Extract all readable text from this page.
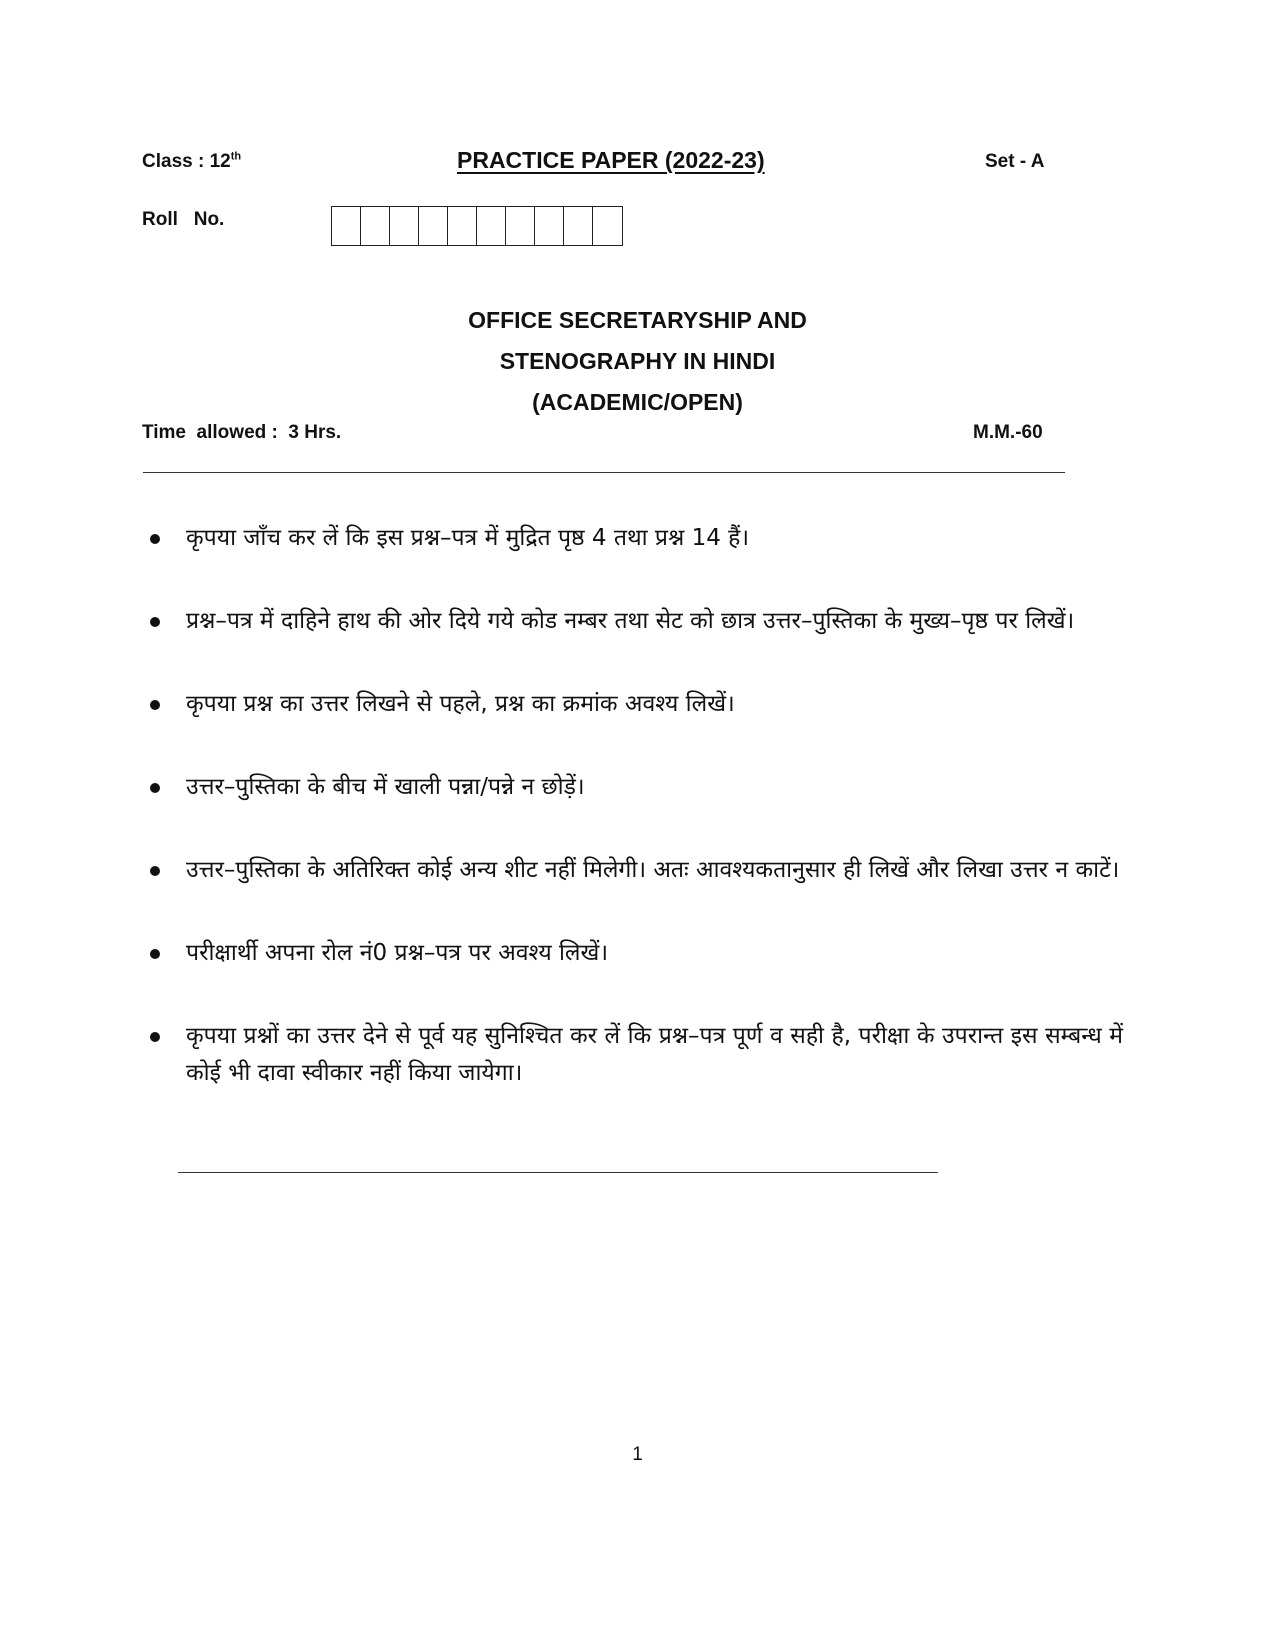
Class : 12th	PRACTICE PAPER (2022-23)	Set - A
Roll   No.
OFFICE SECRETARYSHIP AND
STENOGRAPHY IN HINDI
(ACADEMIC/OPEN)
Time  allowed :  3 Hrs.	M.M.-60
कृपया जाँच कर लें कि इस प्रश्न–पत्र में मुद्रित पृष्ठ 4 तथा प्रश्न 14 हैं।
प्रश्न–पत्र में दाहिने हाथ की ओर दिये गये कोड नम्बर तथा सेट को छात्र उत्तर–पुस्तिका के मुख्य–पृष्ठ पर लिखें।
कृपया प्रश्न का उत्तर लिखने से पहले, प्रश्न का क्रमांक अवश्य लिखें।
उत्तर–पुस्तिका के बीच में खाली पन्ना/पन्ने न छोड़ें।
उत्तर–पुस्तिका के अतिरिक्त कोई अन्य शीट नहीं मिलेगी। अतः आवश्यकतानुसार ही लिखें और लिखा उत्तर न काटें।
परीक्षार्थी अपना रोल नं0 प्रश्न–पत्र पर अवश्य लिखें।
कृपया प्रश्नों का उत्तर देने से पूर्व यह सुनिश्चित कर लें कि प्रश्न–पत्र पूर्ण व सही है, परीक्षा के उपरान्त इस सम्बन्ध में कोई भी दावा स्वीकार नहीं किया जायेगा।
1
